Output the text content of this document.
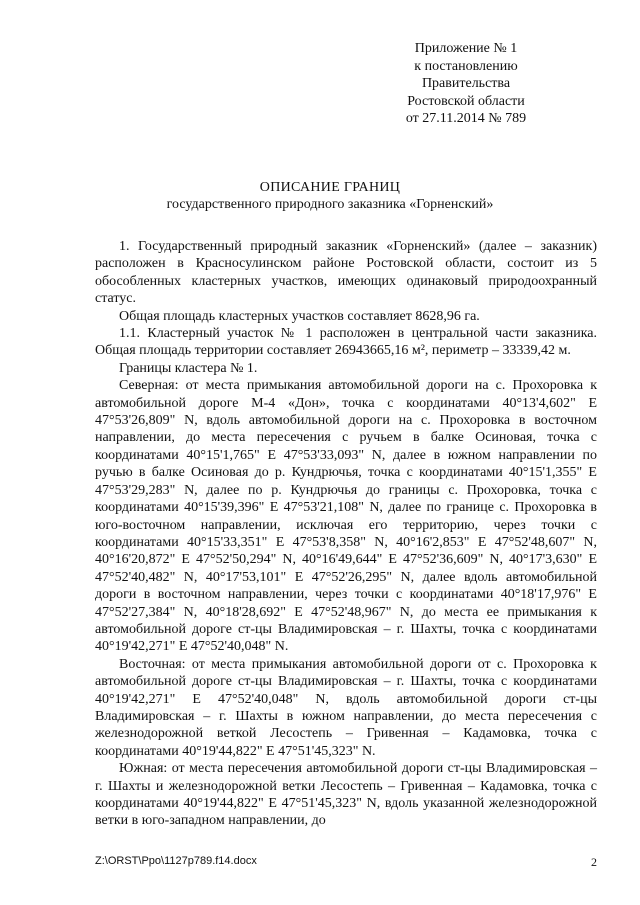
Приложение № 1
к постановлению
Правительства
Ростовской области
от 27.11.2014 № 789
ОПИСАНИЕ ГРАНИЦ
государственного природного заказника «Горненский»

1. Государственный природный заказник «Горненский» (далее – заказник) расположен в Красносулинском районе Ростовской области, состоит из 5 обособленных кластерных участков, имеющих одинаковый природоохранный статус.

Общая площадь кластерных участков составляет 8628,96 га.

1.1. Кластерный участок № 1 расположен в центральной части заказника. Общая площадь территории составляет 26943665,16 м², периметр – 33339,42 м.

Границы кластера № 1.

Северная: от места примыкания автомобильной дороги на с. Прохоровка к автомобильной дороге М-4 «Дон», точка с координатами 40°13'4,602" E 47°53'26,809" N, вдоль автомобильной дороги на с. Прохоровка в восточном направлении, до места пересечения с ручьем в балке Осиновая, точка с координатами 40°15'1,765" E 47°53'33,093" N, далее в южном направлении по ручью в балке Осиновая до р. Кундрючья, точка с координатами 40°15'1,355" E 47°53'29,283" N, далее по р. Кундрючья до границы с. Прохоровка, точка с координатами 40°15'39,396" E 47°53'21,108" N, далее по границе с. Прохоровка в юго-восточном направлении, исключая его территорию, через точки с координатами 40°15'33,351" E 47°53'8,358" N, 40°16'2,853" E 47°52'48,607" N, 40°16'20,872" E 47°52'50,294" N, 40°16'49,644" E 47°52'36,609" N, 40°17'3,630" E 47°52'40,482" N, 40°17'53,101" E 47°52'26,295" N, далее вдоль автомобильной дороги в восточном направлении, через точки с координатами 40°18'17,976" E 47°52'27,384" N, 40°18'28,692" E 47°52'48,967" N, до места ее примыкания к автомобильной дороге ст-цы Владимировская – г. Шахты, точка с координатами 40°19'42,271" E 47°52'40,048" N.

Восточная: от места примыкания автомобильной дороги от с. Прохоровка к автомобильной дороге ст-цы Владимировская – г. Шахты, точка с координатами 40°19'42,271" E 47°52'40,048" N, вдоль автомобильной дороги ст-цы Владимировская – г. Шахты в южном направлении, до места пересечения с железнодорожной веткой Лесостепь – Гривенная – Кадамовка, точка с координатами 40°19'44,822" E 47°51'45,323" N.

Южная: от места пересечения автомобильной дороги ст-цы Владимировская – г. Шахты и железнодорожной ветки Лесостепь – Гривенная – Кадамовка, точка с координатами 40°19'44,822" E 47°51'45,323" N, вдоль указанной железнодорожной ветки в юго-западном направлении, до

Z:\ORST\Ppo\1127p789.f14.docx	2
